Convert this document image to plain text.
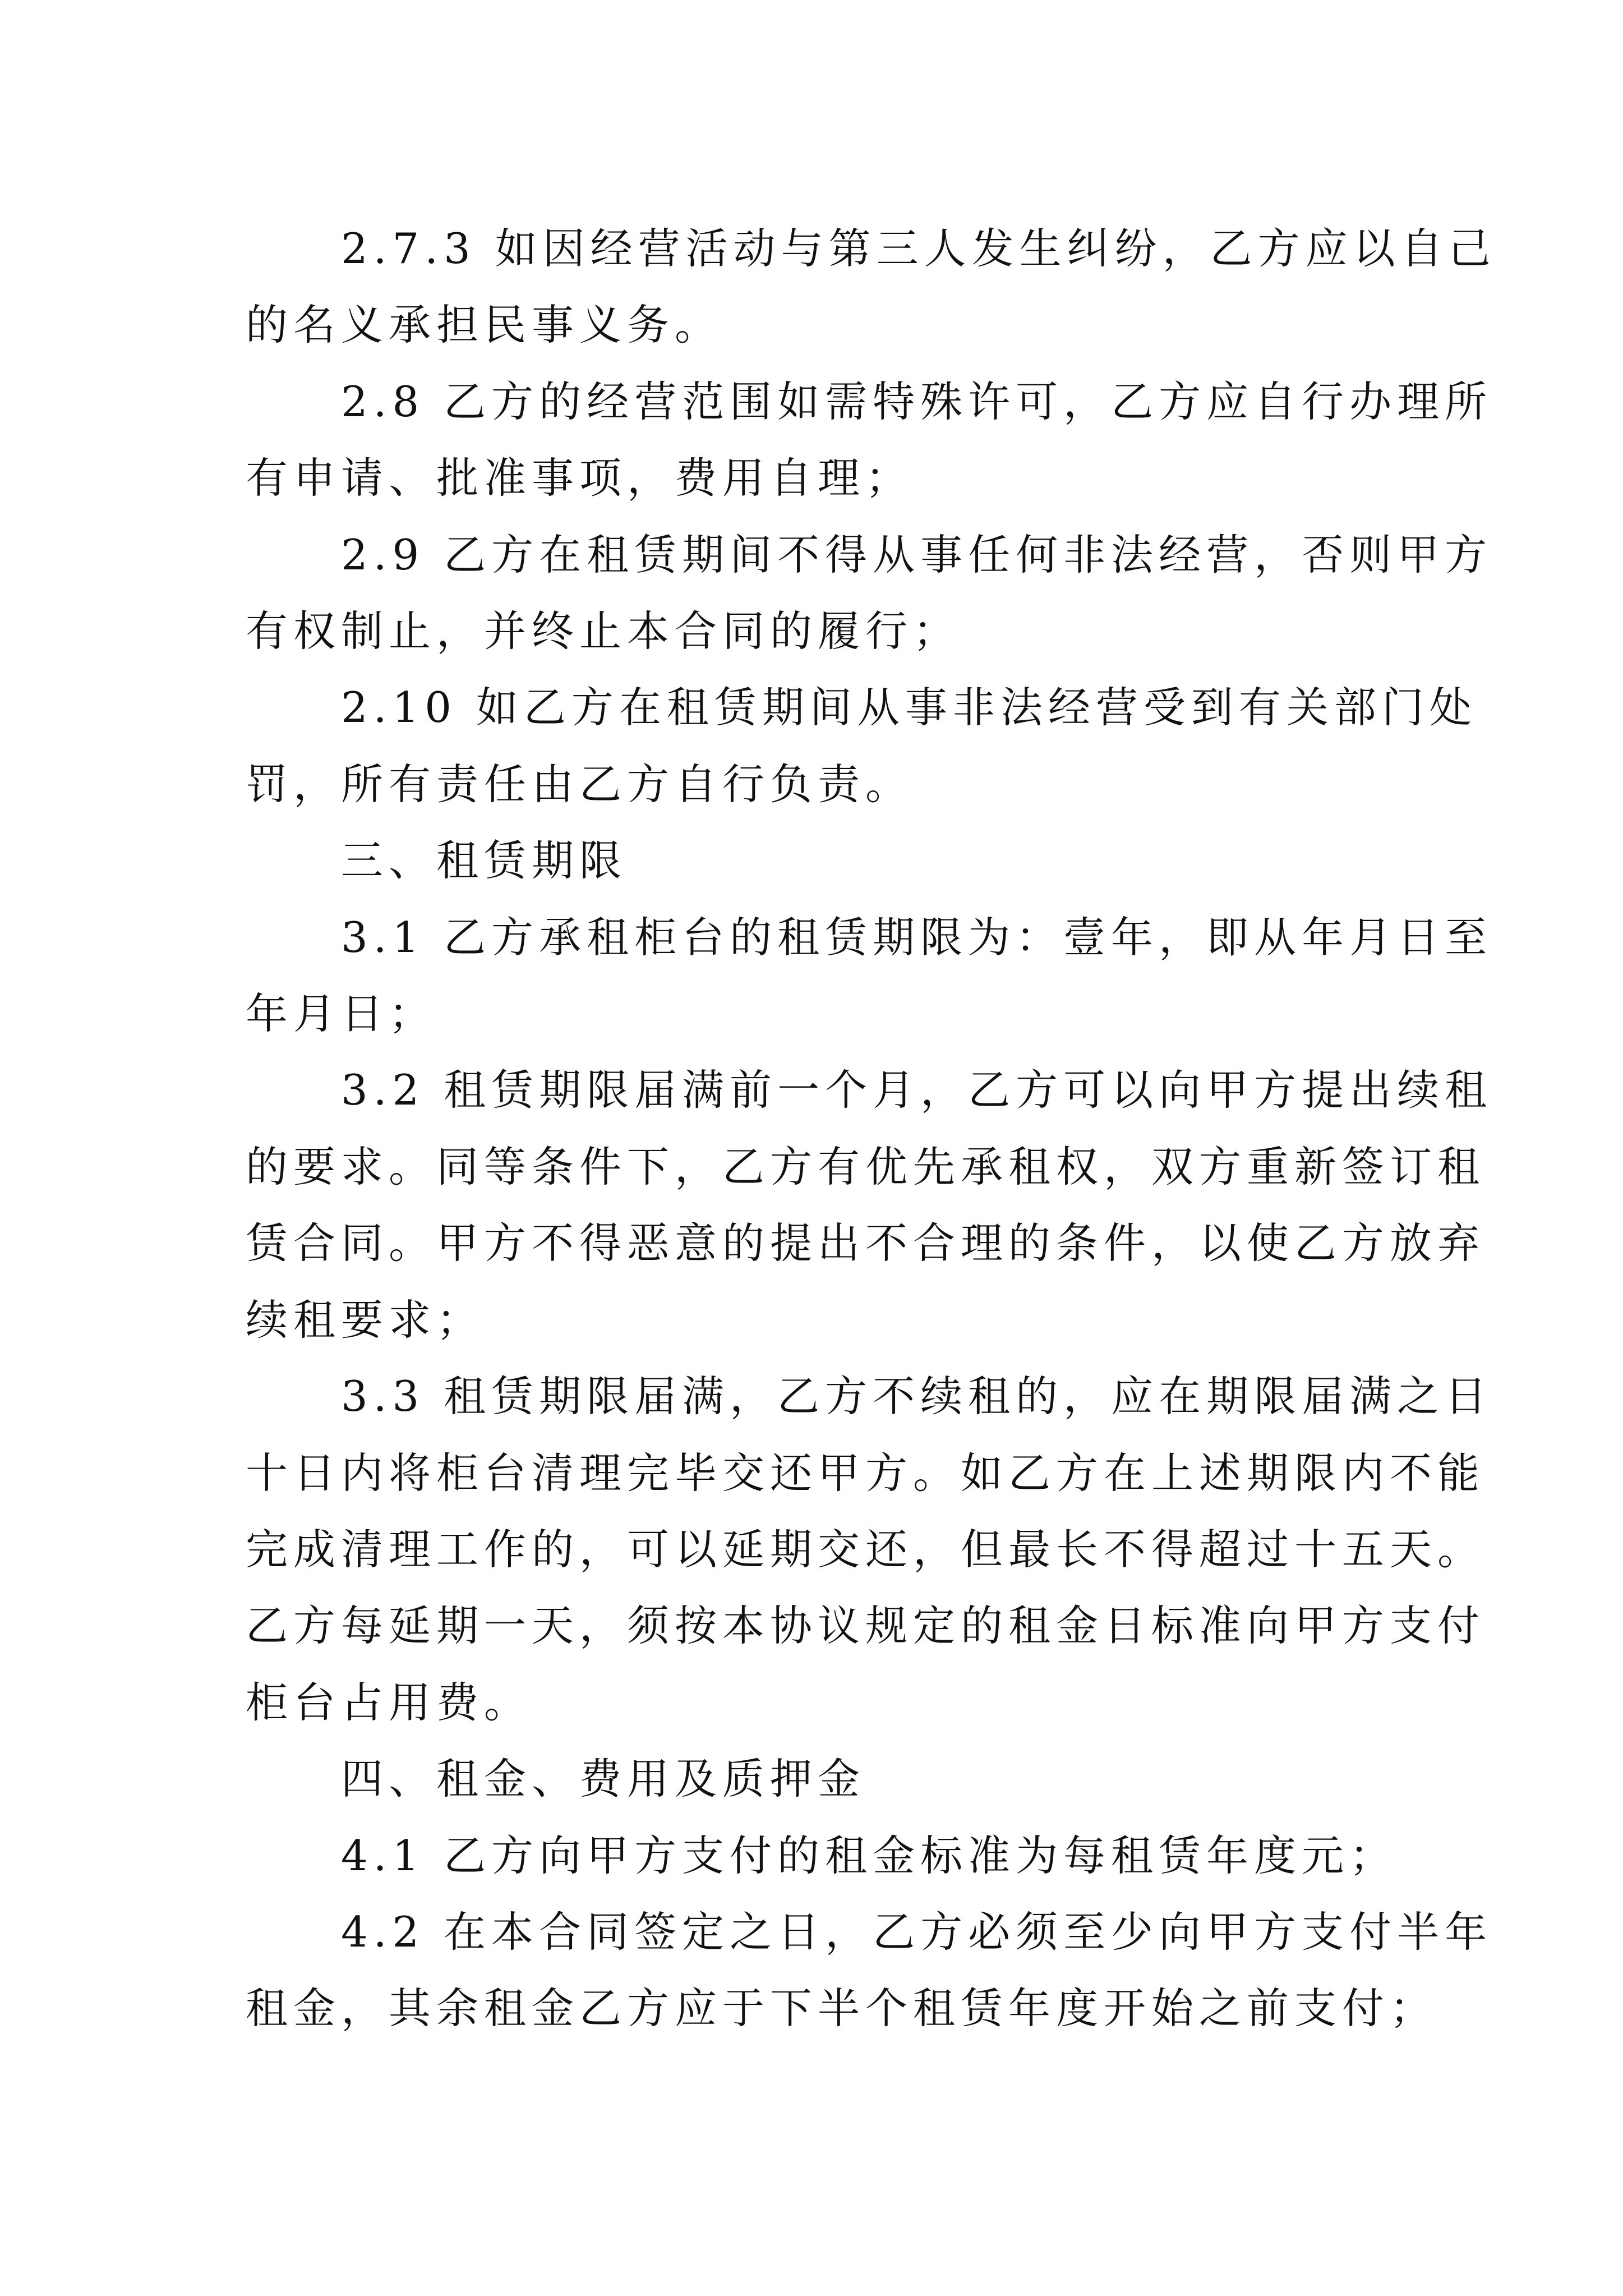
2.7.3 如因经营活动与第三人发生纠纷，乙方应以自己
的名义承担民事义务。

2.8 乙方的经营范围如需特殊许可，乙方应自行办理所
有申请、批准事项，费用自理；

2.9 乙方在租赁期间不得从事任何非法经营，否则甲方
有权制止，并终止本合同的履行；

2.10 如乙方在租赁期间从事非法经营受到有关部门处
罚，所有责任由乙方自行负责。

三、租赁期限

3.1 乙方承租柜台的租赁期限为：壹年，即从年月日至
年月日；

3.2 租赁期限届满前一个月，乙方可以向甲方提出续租
的要求。同等条件下，乙方有优先承租权，双方重新签订租
赁合同。甲方不得恶意的提出不合理的条件，以使乙方放弃
续租要求；

3.3 租赁期限届满，乙方不续租的，应在期限届满之日
十日内将柜台清理完毕交还甲方。如乙方在上述期限内不能
完成清理工作的，可以延期交还，但最长不得超过十五天。
乙方每延期一天，须按本协议规定的租金日标准向甲方支付
柜台占用费。

四、租金、费用及质押金

4.1 乙方向甲方支付的租金标准为每租赁年度元；

4.2 在本合同签定之日，乙方必须至少向甲方支付半年
租金，其余租金乙方应于下半个租赁年度开始之前支付；
